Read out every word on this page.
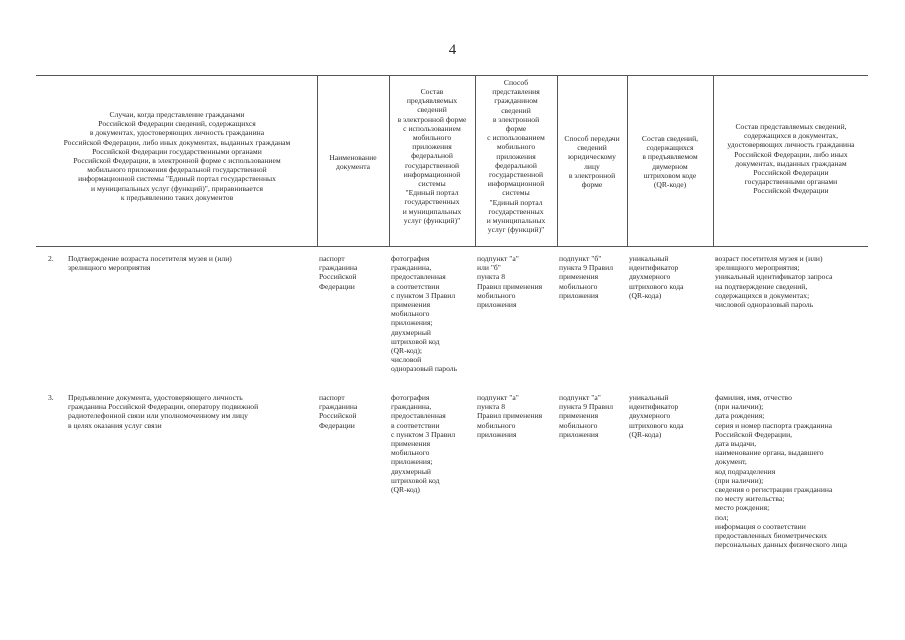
4
Случаи, когда представление гражданами
Российской Федерации сведений, содержащихся
в документах, удостоверяющих личность гражданина
Российской Федерации, либо иных документах, выданных гражданам
Российской Федерации государственными органами
Российской Федерации, в электронной форме с использованием
мобильного приложения федеральной государственной
информационной системы "Единый портал государственных
и муниципальных услуг (функций)", приравнивается
к предъявлению таких документов
Наименование
документа
Состав
предъявляемых
сведений
в электронной форме
с использованием
мобильного
приложения
федеральной
государственной
информационной
системы
"Единый портал
государственных
и муниципальных
услуг (функций)"
Способ
представления
гражданином
сведений
в электронной
форме
с использованием
мобильного
приложения
федеральной
государственной
информационной
системы
"Единый портал
государственных
и муниципальных
услуг (функций)"
Способ передачи
сведений
юридическому
лицу
в электронной
форме
Состав сведений,
содержащихся
в предъявляемом
двумерном
штриховом коде
(QR-коде)
Состав представляемых сведений,
содержащихся в документах,
удостоверяющих личность гражданина
Российской Федерации, либо иных
документах, выданных гражданам
Российской Федерации
государственными органами
Российской Федерации
2.	Подтверждение возраста посетителя музея и (или)
зрелищного мероприятия
паспорт
гражданина
Российской
Федерации
фотография
гражданина,
предоставленная
в соответствии
с пунктом 3 Правил
применения
мобильного
приложения;
двухмерный
штриховой код
(QR-код);
числовой
одноразовый пароль
подпункт "а"
или "б"
пункта 8
Правил применения
мобильного
приложения
подпункт "б"
пункта 9 Правил
применения
мобильного
приложения
уникальный
идентификатор
двухмерного
штрихового кода
(QR-кода)
возраст посетителя музея и (или)
зрелищного мероприятия;
уникальный идентификатор запроса
на подтверждение сведений,
содержащихся в документах;
числовой одноразовый пароль
3.	Предъявление документа, удостоверяющего личность
гражданина Российской Федерации, оператору подвижной
радиотелефонной связи или уполномоченному им лицу
в целях оказания услуг связи
паспорт
гражданина
Российской
Федерации
фотография
гражданина,
предоставленная
в соответствии
с пунктом 3 Правил
применения
мобильного
приложения;
двухмерный
штриховой код
(QR-код)
подпункт "а"
пункта 8
Правил применения
мобильного
приложения
подпункт "а"
пункта 9 Правил
применения
мобильного
приложения
уникальный
идентификатор
двухмерного
штрихового кода
(QR-кода)
фамилия, имя, отчество
(при наличии);
дата рождения;
серия и номер паспорта гражданина
Российской Федерации,
дата выдачи,
наименование органа, выдавшего
документ,
код подразделения
(при наличии);
сведения о регистрации гражданина
по месту жительства;
место рождения;
пол;
информация о соответствии
предоставленных биометрических
персональных данных физического лица
